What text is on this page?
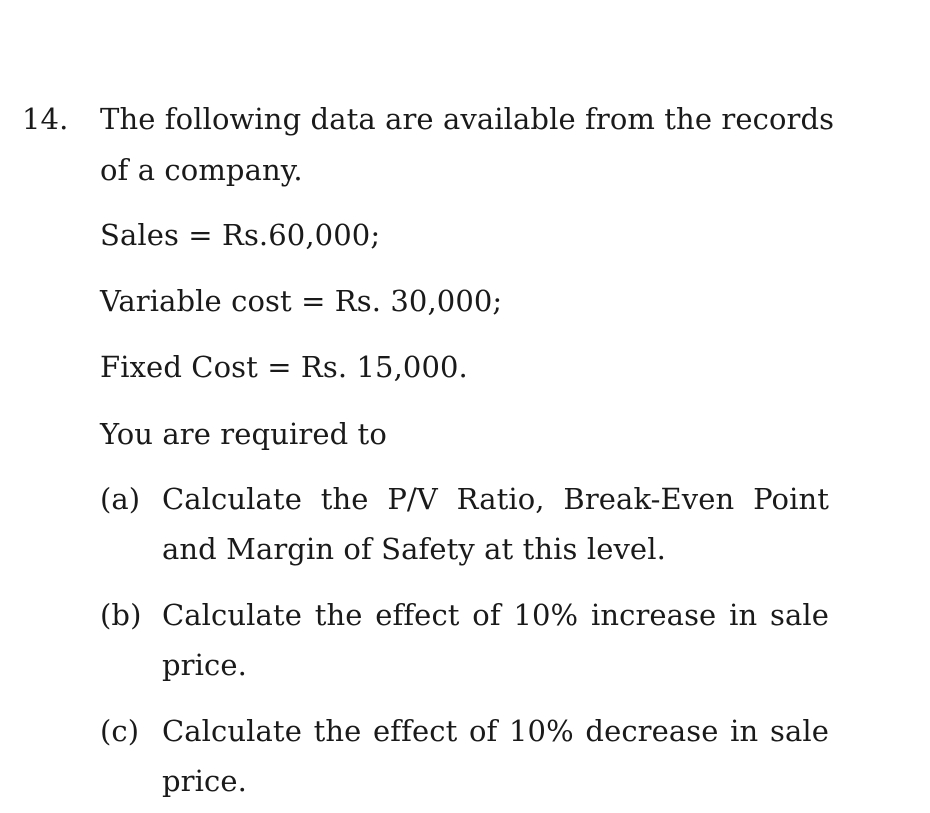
14. The following data are available from the records
of a company.
Sales = Rs.60,000;
Variable cost = Rs. 30,000;
Fixed Cost = Rs. 15,000.
You are required to
(a) Calculate the P/V Ratio, Break-Even Point
and Margin of Safety at this level.
(b) Calculate the effect of 10% increase in sale
price.
(c) Calculate the effect of 10% decrease in sale
price.
